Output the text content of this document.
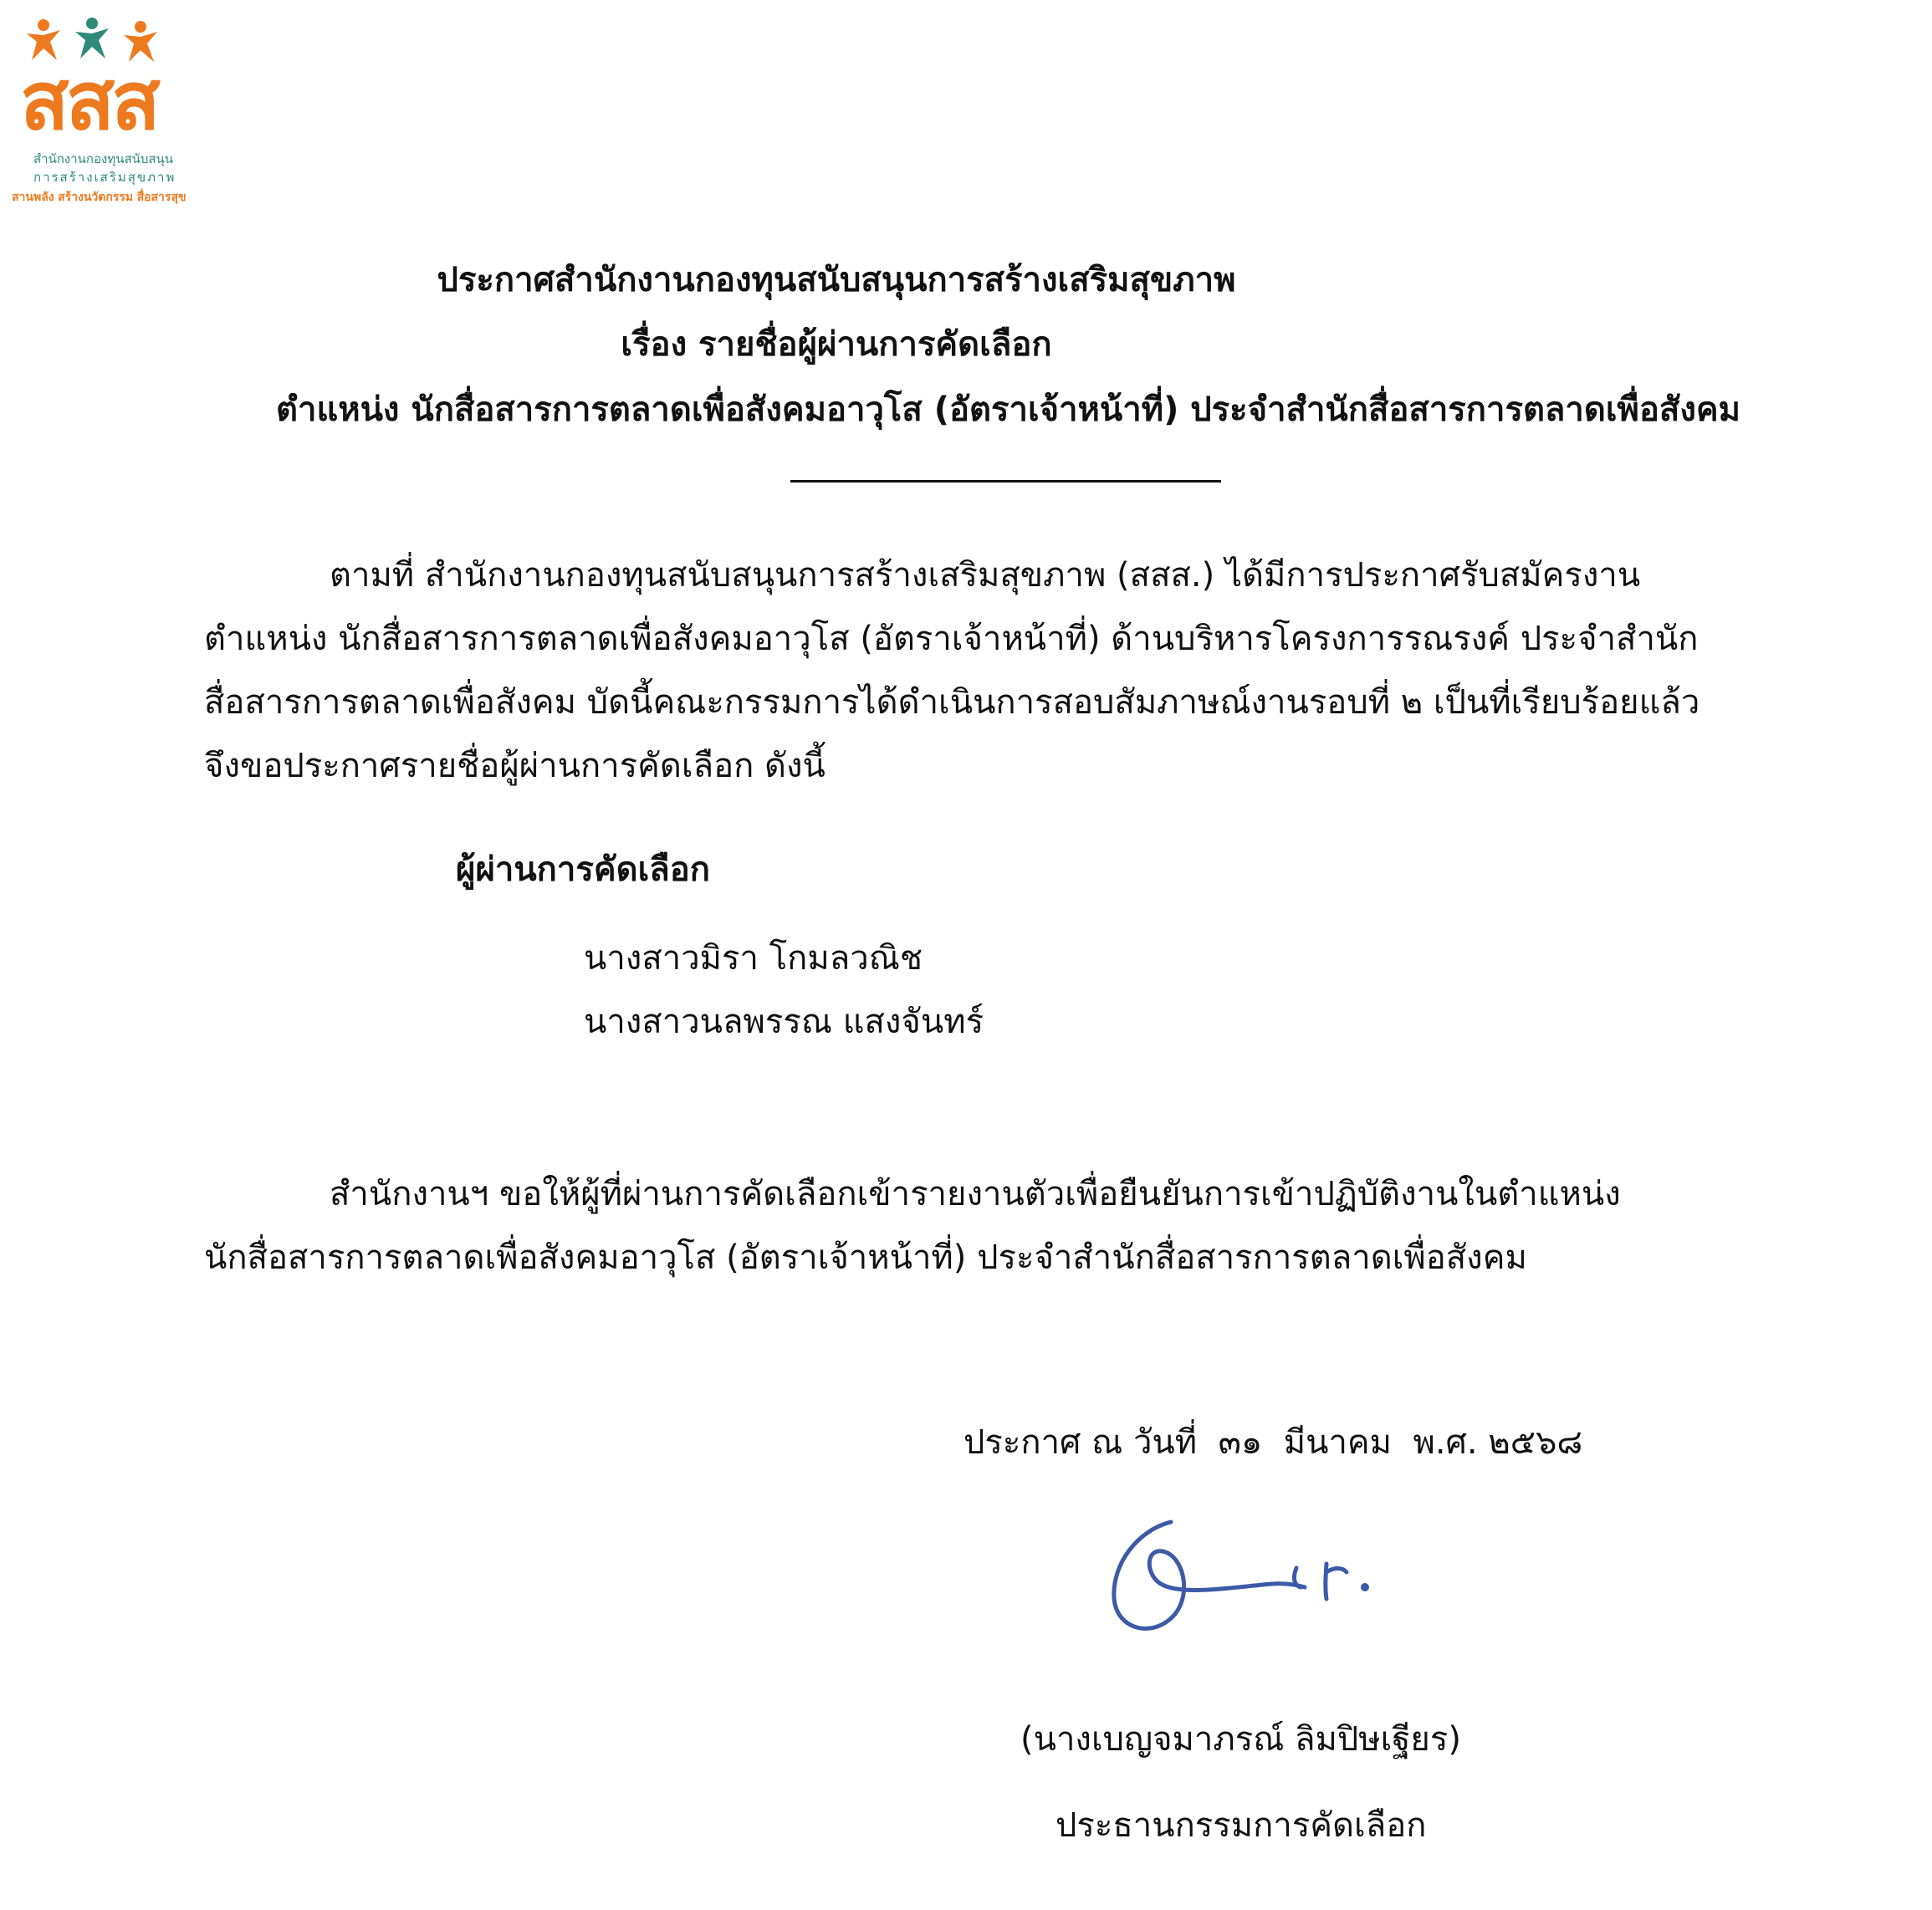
สสส
สำนักงานกองทุนสนับสนุน
การสร้างเสริมสุขภาพ
สานพลัง สร้างนวัตกรรม สื่อสารสุข
ประกาศสำนักงานกองทุนสนับสนุนการสร้างเสริมสุขภาพ
เรื่อง รายชื่อผู้ผ่านการคัดเลือก
ตำแหน่ง นักสื่อสารการตลาดเพื่อสังคมอาวุโส (อัตราเจ้าหน้าที่) ประจำสำนักสื่อสารการตลาดเพื่อสังคม
ตามที่ สำนักงานกองทุนสนับสนุนการสร้างเสริมสุขภาพ (สสส.) ได้มีการประกาศรับสมัครงาน
ตำแหน่ง นักสื่อสารการตลาดเพื่อสังคมอาวุโส (อัตราเจ้าหน้าที่) ด้านบริหารโครงการรณรงค์ ประจำสำนัก
สื่อสารการตลาดเพื่อสังคม บัดนี้คณะกรรมการได้ดำเนินการสอบสัมภาษณ์งานรอบที่ ๒ เป็นที่เรียบร้อยแล้ว
จึงขอประกาศรายชื่อผู้ผ่านการคัดเลือก ดังนี้
ผู้ผ่านการคัดเลือก
นางสาวมิรา โกมลวณิช
นางสาวนลพรรณ แสงจันทร์
สำนักงานฯ ขอให้ผู้ที่ผ่านการคัดเลือกเข้ารายงานตัวเพื่อยืนยันการเข้าปฏิบัติงานในตำแหน่ง
นักสื่อสารการตลาดเพื่อสังคมอาวุโส (อัตราเจ้าหน้าที่) ประจำสำนักสื่อสารการตลาดเพื่อสังคม
ประกาศ ณ วันที่  ๓๑  มีนาคม  พ.ศ. ๒๕๖๘
(นางเบญจมาภรณ์ ลิมปิษเฐียร)
ประธานกรรมการคัดเลือก
